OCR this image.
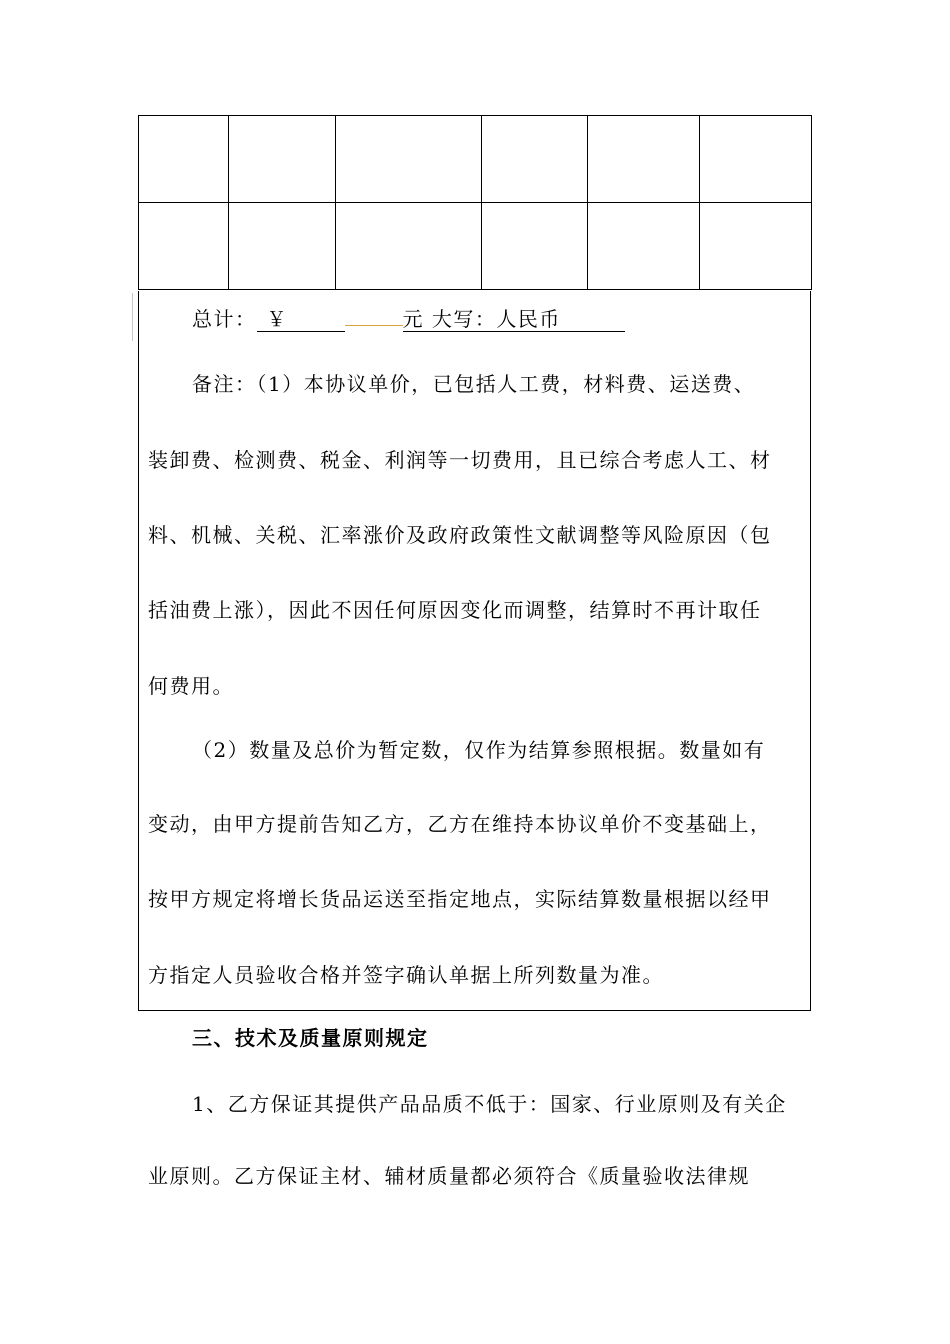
总计： ￥	元 大写：人民币
备注：（1）本协议单价，已包括人工费，材料费、运送费、
装卸费、检测费、税金、利润等一切费用，且已综合考虑人工、材
料、机械、关税、汇率涨价及政府政策性文献调整等风险原因（包
括油费上涨），因此不因任何原因变化而调整，结算时不再计取任
何费用。
（2）数量及总价为暂定数，仅作为结算参照根据。数量如有
变动，由甲方提前告知乙方，乙方在维持本协议单价不变基础上，
按甲方规定将增长货品运送至指定地点，实际结算数量根据以经甲
方指定人员验收合格并签字确认单据上所列数量为准。
三、技术及质量原则规定
1、乙方保证其提供产品品质不低于：国家、行业原则及有关企
业原则。乙方保证主材、辅材质量都必须符合《质量验收法律规
